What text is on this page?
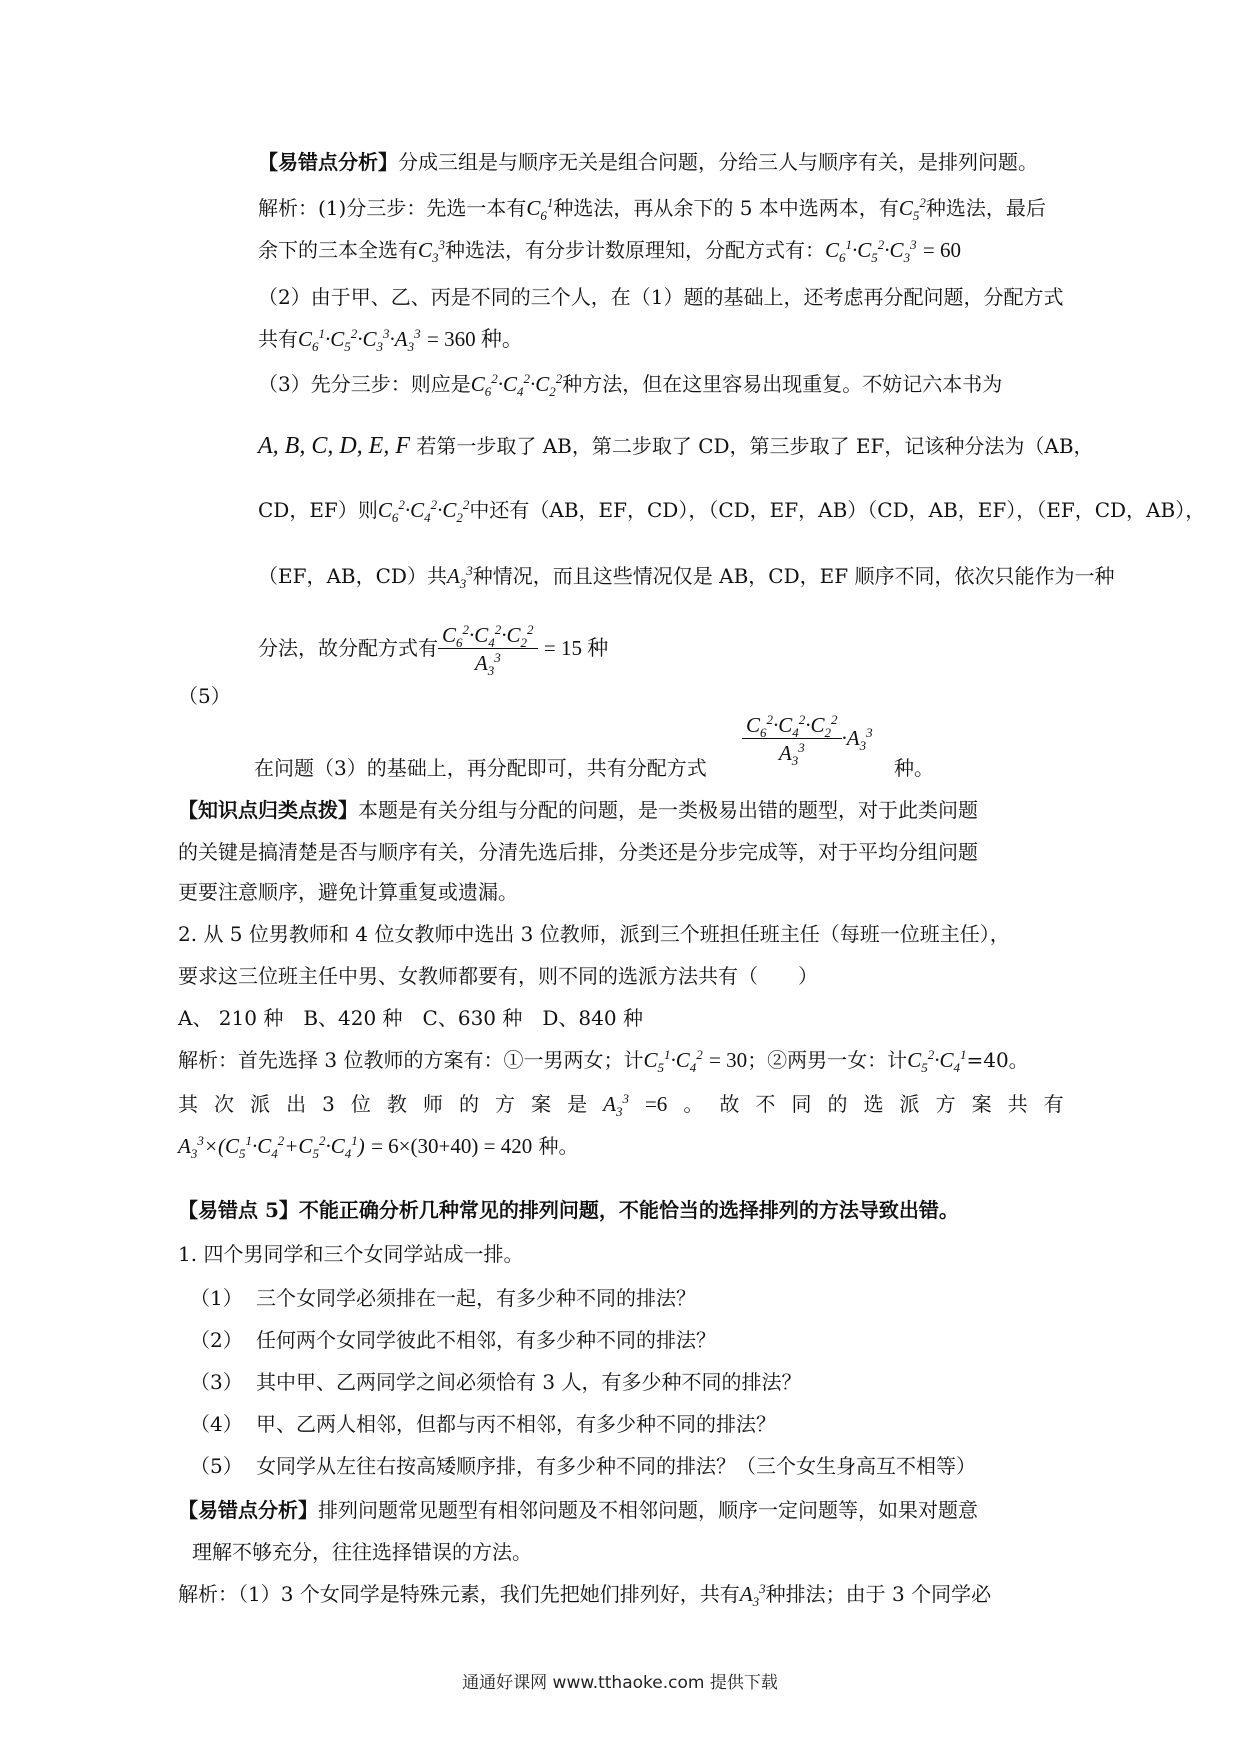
【易错点分析】分成三组是与顺序无关是组合问题，分给三人与顺序有关，是排列问题。
解析：(1)分三步：先选一本有$C_6^1$种选法，再从余下的 5 本中选两本，有$C_5^2$种选法，最后
余下的三本全选有$C_3^3$种选法，有分步计数原理知，分配方式有：$C_6^1\cdot C_5^2\cdot C_3^3 = 60$
（2）由于甲、乙、丙是不同的三个人，在（1）题的基础上，还考虑再分配问题，分配方式
共有$C_6^1\cdot C_5^2\cdot C_3^3\cdot A_3^3 = 360$ 种。
（3）先分三步：则应是$C_6^2\cdot C_4^2\cdot C_2^2$种方法，但在这里容易出现重复。不妨记六本书为
A, B, C, D, E, F 若第一步取了 AB，第二步取了 CD，第三步取了 EF，记该种分法为（AB，
CD，EF）则$C_6^2\cdot C_4^2\cdot C_2^2$中还有（AB，EF，CD），（CD，EF，AB）（CD，AB，EF），（EF，CD，AB），
（EF，AB，CD）共$A_3^3$种情况，而且这些情况仅是 AB，CD，EF 顺序不同，依次只能作为一种
分法，故分配方式有 $\frac{C_6^2\cdot C_4^2\cdot C_2^2}{A_3^3} = 15$ 种
（5）
$\frac{C_6^2\cdot C_4^2\cdot C_2^2}{A_3^3} \cdot A_3^3$
在问题（3）的基础上，再分配即可，共有分配方式	种。
【知识点归类点拨】本题是有关分组与分配的问题，是一类极易出错的题型，对于此类问题
的关键是搞清楚是否与顺序有关，分清先选后排，分类还是分步完成等，对于平均分组问题
更要注意顺序，避免计算重复或遗漏。
2. 从 5 位男教师和 4 位女教师中选出 3 位教师，派到三个班担任班主任（每班一位班主任），
要求这三位班主任中男、女教师都要有，则不同的选派方法共有（　　）
A、 210 种　B、420 种　C、630 种　D、840 种
解析：首先选择 3 位教师的方案有：①一男两女；计$C_5^1\cdot C_4^2 = 30$；②两男一女：计$C_5^2\cdot C_4^1=40$。
其 次 派 出 3 位 教 师 的 方 案 是 $A_3^3 =6$ 。 故 不 同 的 选 派 方 案 共 有
$A_3^3\times(C_5^1\cdot C_4^2+C_5^2\cdot C_4^1) = 6\times(30+40) = 420$ 种。
【易错点 5】不能正确分析几种常见的排列问题，不能恰当的选择排列的方法导致出错。
1. 四个男同学和三个女同学站成一排。
（1） 三个女同学必须排在一起，有多少种不同的排法？
（2） 任何两个女同学彼此不相邻，有多少种不同的排法？
（3） 其中甲、乙两同学之间必须恰有 3 人，有多少种不同的排法？
（4） 甲、乙两人相邻，但都与丙不相邻，有多少种不同的排法？
（5） 女同学从左往右按高矮顺序排，有多少种不同的排法？（三个女生身高互不相等）
【易错点分析】排列问题常见题型有相邻问题及不相邻问题，顺序一定问题等，如果对题意
理解不够充分，往往选择错误的方法。
解析：（1）3 个女同学是特殊元素，我们先把她们排列好，共有$A_3^3$种排法；由于 3 个同学必
通通好课网 www.tthaoke.com 提供下载
